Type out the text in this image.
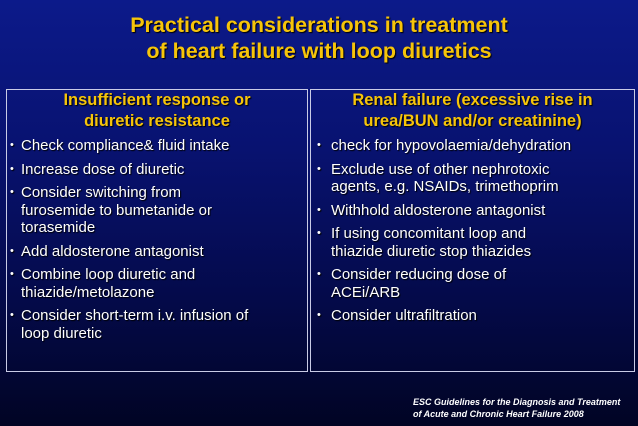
Practical considerations in treatment
of heart failure with loop diuretics
Insufficient response or
diuretic resistance
• Check compliance& fluid intake
• Increase dose of diuretic
• Consider switching from
furosemide to bumetanide or
torasemide
• Add aldosterone antagonist
• Combine loop diuretic and
thiazide/metolazone
• Consider short-term i.v. infusion of
loop diuretic
Renal failure (excessive rise in
urea/BUN and/or creatinine)
• check for hypovolaemia/dehydration
• Exclude use of other nephrotoxic
agents, e.g. NSAIDs, trimethoprim
• Withhold aldosterone antagonist
• If using concomitant loop and
thiazide diuretic stop thiazides
• Consider reducing dose of
ACEi/ARB
• Consider ultrafiltration
ESC Guidelines for the Diagnosis and Treatment
of Acute and Chronic Heart Failure 2008
